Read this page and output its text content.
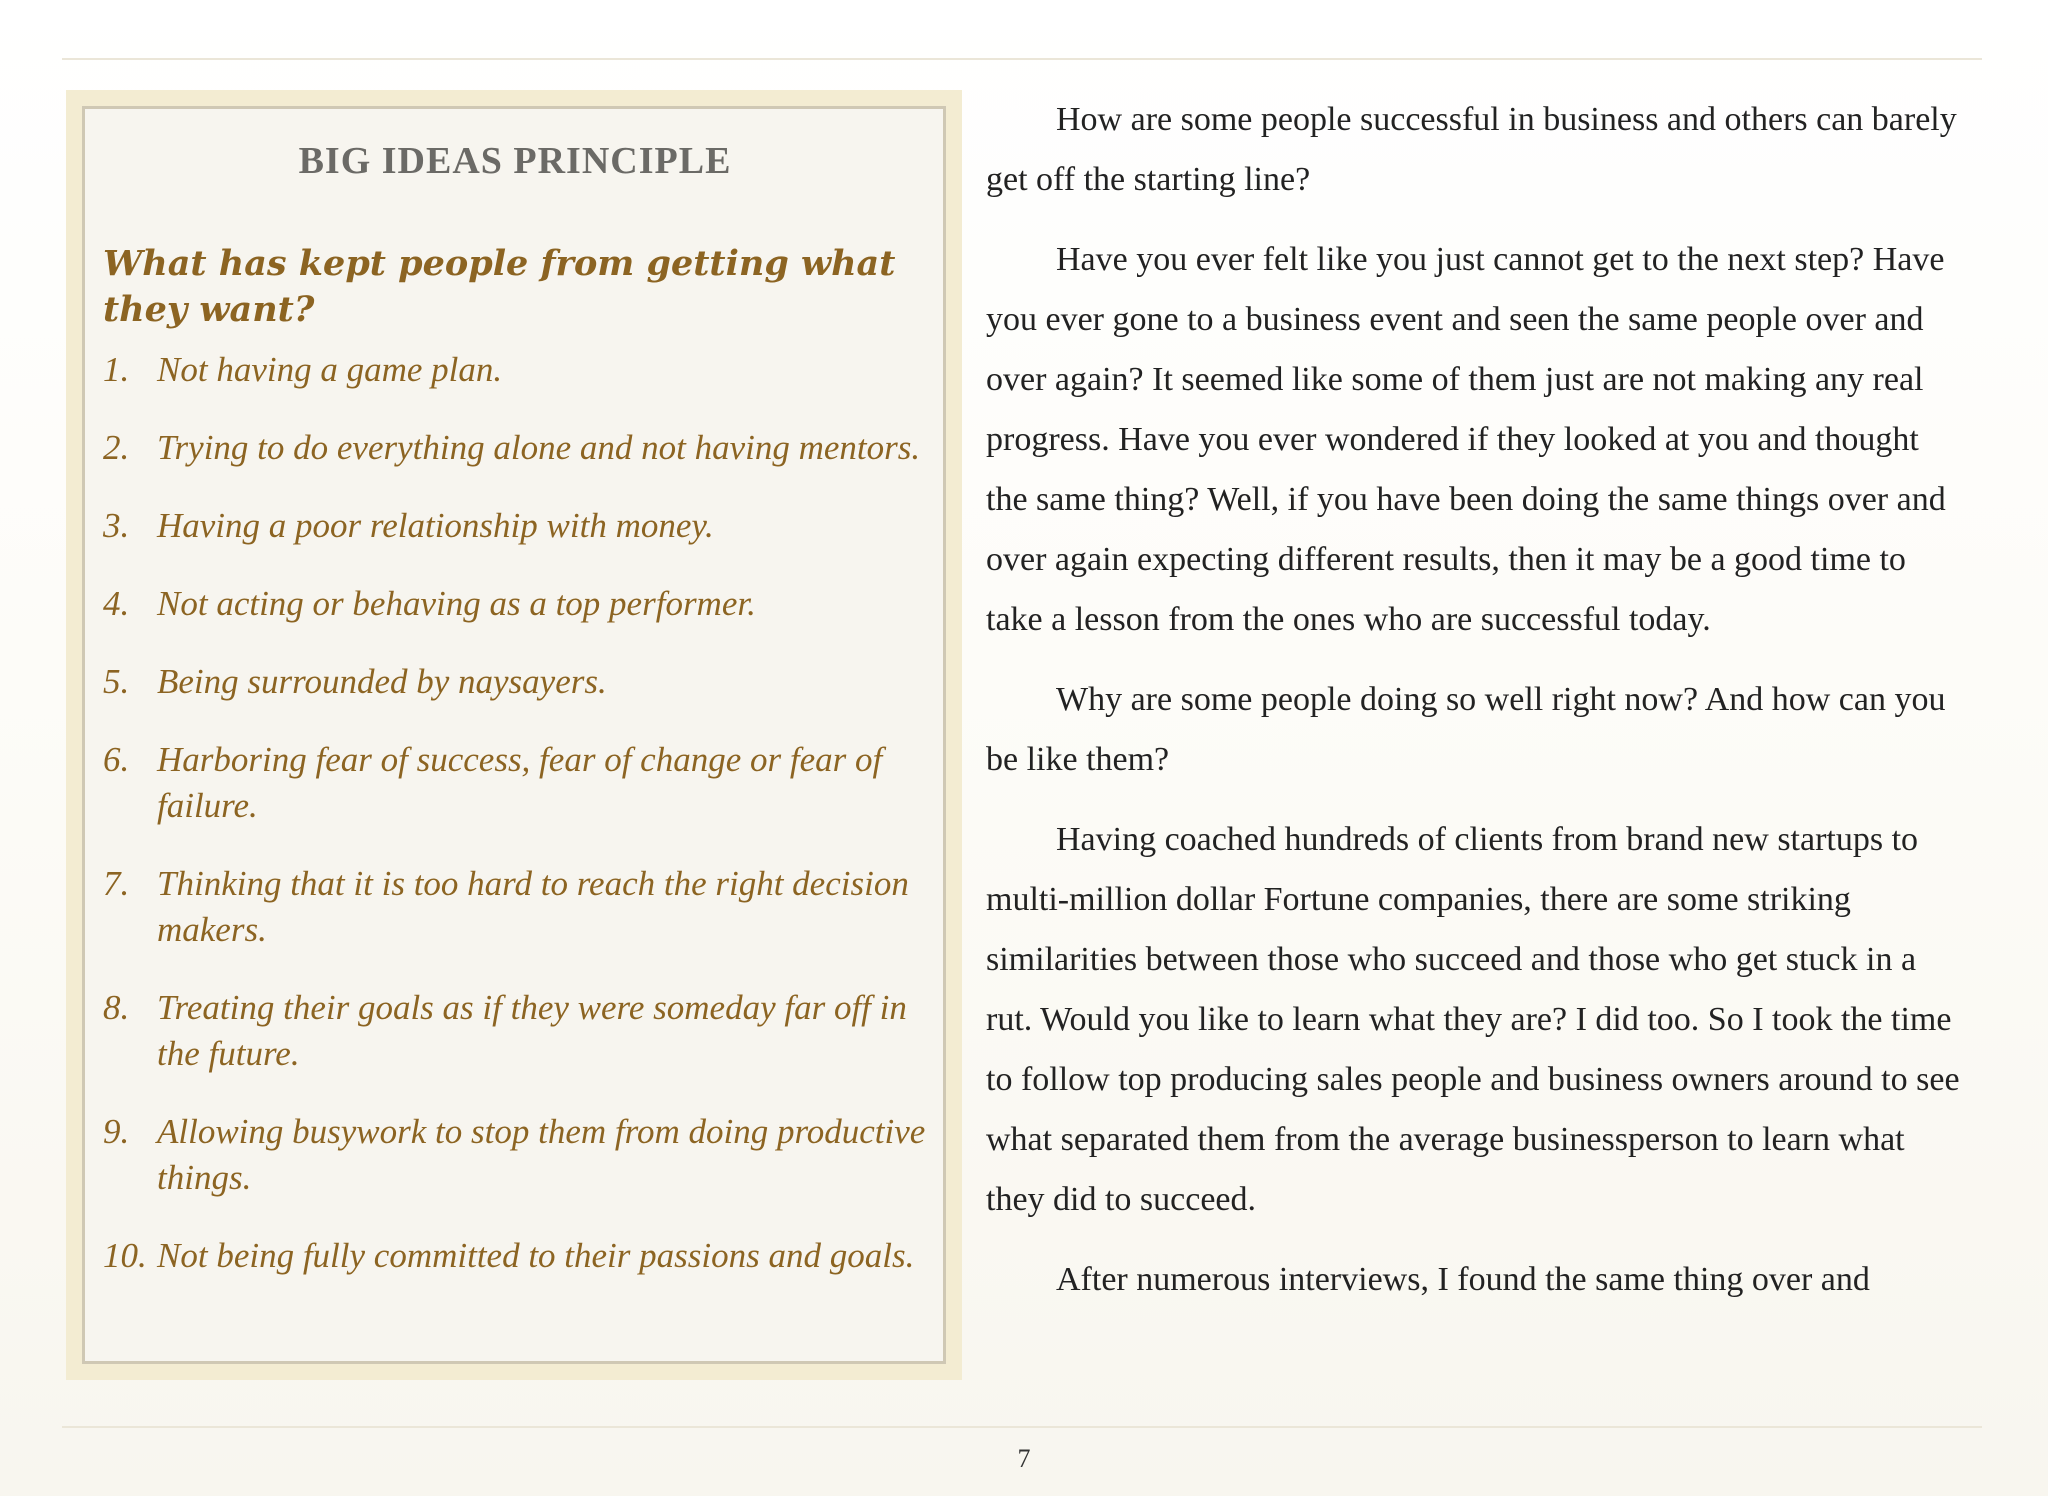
BIG IDEAS PRINCIPLE
What has kept people from getting what they want?
1. Not having a game plan.
2. Trying to do everything alone and not having mentors.
3. Having a poor relationship with money.
4. Not acting or behaving as a top performer.
5. Being surrounded by naysayers.
6. Harboring fear of success, fear of change or fear of failure.
7. Thinking that it is too hard to reach the right decision makers.
8. Treating their goals as if they were someday far off in the future.
9. Allowing busywork to stop them from doing productive things.
10. Not being fully committed to their passions and goals.

How are some people successful in business and others can barely get off the starting line?

Have you ever felt like you just cannot get to the next step? Have you ever gone to a business event and seen the same people over and over again? It seemed like some of them just are not making any real progress. Have you ever wondered if they looked at you and thought the same thing? Well, if you have been doing the same things over and over again expecting different results, then it may be a good time to take a lesson from the ones who are successful today.

Why are some people doing so well right now? And how can you be like them?

Having coached hundreds of clients from brand new startups to multi-million dollar Fortune companies, there are some striking similarities between those who succeed and those who get stuck in a rut. Would you like to learn what they are? I did too. So I took the time to follow top producing sales people and business owners around to see what separated them from the average businessperson to learn what they did to succeed.

After numerous interviews, I found the same thing over and

7
